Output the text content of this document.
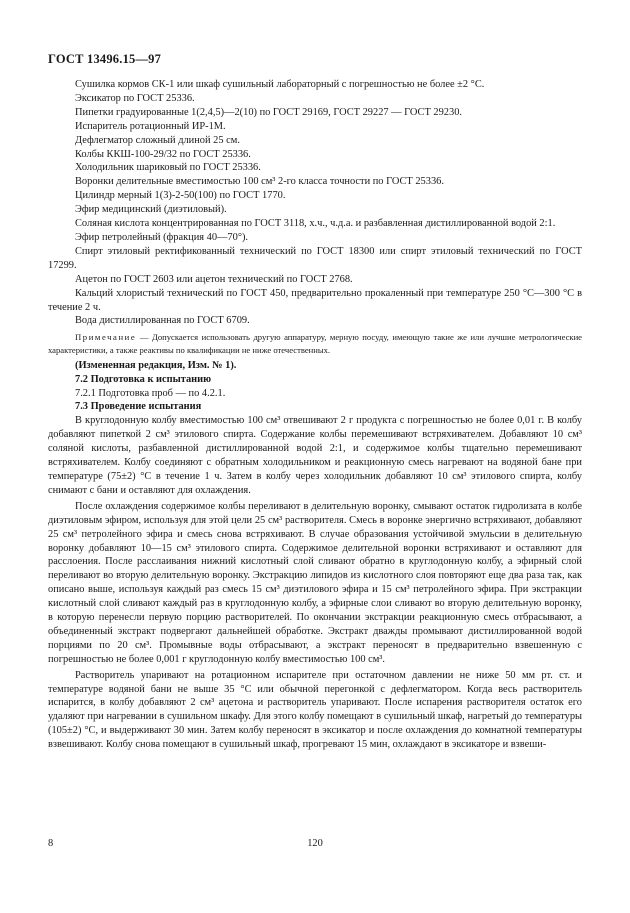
ГОСТ 13496.15—97

Сушилка кормов СК-1 или шкаф сушильный лабораторный с погрешностью не более ±2 °С.

Эксикатор по ГОСТ 25336.

Пипетки градуированные 1(2,4,5)—2(10) по ГОСТ 29169, ГОСТ 29227 — ГОСТ 29230.

Испаритель ротационный ИР-1М.

Дефлегматор сложный длиной 25 см.

Колбы ККШ-100-29/32 по ГОСТ 25336.

Холодильник шариковый по ГОСТ 25336.

Воронки делительные вместимостью 100 см³ 2-го класса точности по ГОСТ 25336.

Цилиндр мерный 1(3)-2-50(100) по ГОСТ 1770.

Эфир медицинский (диэтиловый).

Соляная кислота концентрированная по ГОСТ 3118, х.ч., ч.д.а. и разбавленная дистиллированной водой 2:1.

Эфир петролейный (фракция 40—70°).

Спирт этиловый ректификованный технический по ГОСТ 18300 или спирт этиловый технический по ГОСТ 17299.

Ацетон по ГОСТ 2603 или ацетон технический по ГОСТ 2768.

Кальций хлористый технический по ГОСТ 450, предварительно прокаленный при температуре 250 °С—300 °С в течение 2 ч.

Вода дистиллированная по ГОСТ 6709.

Примечание — Допускается использовать другую аппаратуру, мерную посуду, имеющую такие же или лучшие метрологические характеристики, а также реактивы по квалификации не ниже отечественных.

(Измененная редакция, Изм. № 1).

7.2 Подготовка к испытанию

7.2.1 Подготовка проб — по 4.2.1.

7.3 Проведение испытания

В круглодонную колбу вместимостью 100 см³ отвешивают 2 г продукта с погрешностью не более 0,01 г. В колбу добавляют пипеткой 2 см³ этилового спирта. Содержание колбы перемешивают встряхивателем. Добавляют 10 см³ соляной кислоты, разбавленной дистиллированной водой 2:1, и содержимое колбы тщательно перемешивают встряхивателем. Колбу соединяют с обратным холодильником и реакционную смесь нагревают на водяной бане при температуре (75±2) °С в течение 1 ч. Затем в колбу через холодильник добавляют 10 см³ этилового спирта, колбу снимают с бани и оставляют для охлаждения.

После охлаждения содержимое колбы переливают в делительную воронку, смывают остаток гидролизата в колбе диэтиловым эфиром, используя для этой цели 25 см³ растворителя. Смесь в воронке энергично встряхивают, добавляют 25 см³ петролейного эфира и смесь снова встряхивают. В случае образования устойчивой эмульсии в делительную воронку добавляют 10—15 см³ этилового спирта. Содержимое делительной воронки встряхивают и оставляют для расслоения. После расслаивания нижний кислотный слой сливают обратно в круглодонную колбу, а эфирный слой переливают во вторую делительную воронку. Экстракцию липидов из кислотного слоя повторяют еще два раза так, как описано выше, используя каждый раз смесь 15 см³ диэтилового эфира и 15 см³ петролейного эфира. При экстракции кислотный слой сливают каждый раз в круглодонную колбу, а эфирные слои сливают во вторую делительную воронку, в которую перенесли первую порцию растворителей. По окончании экстракции реакционную смесь отбрасывают, а объединенный экстракт подвергают дальнейшей обработке. Экстракт дважды промывают дистиллированной водой порциями по 20 см³. Промывные воды отбрасывают, а экстракт переносят в предварительно взвешенную с погрешностью не более 0,001 г круглодонную колбу вместимостью 100 см³.

Растворитель упаривают на ротационном испарителе при остаточном давлении не ниже 50 мм рт. ст. и температуре водяной бани не выше 35 °С или обычной перегонкой с дефлегматором. Когда весь растворитель испарится, в колбу добавляют 2 см³ ацетона и растворитель упаривают. После испарения растворителя остаток его удаляют при нагревании в сушильном шкафу. Для этого колбу помещают в сушильный шкаф, нагретый до температуры (105±2) °С, и выдерживают 30 мин. Затем колбу переносят в эксикатор и после охлаждения до комнатной температуры взвешивают. Колбу снова помещают в сушильный шкаф, прогревают 15 мин, охлаждают в эксикаторе и взвеши-

8	120
